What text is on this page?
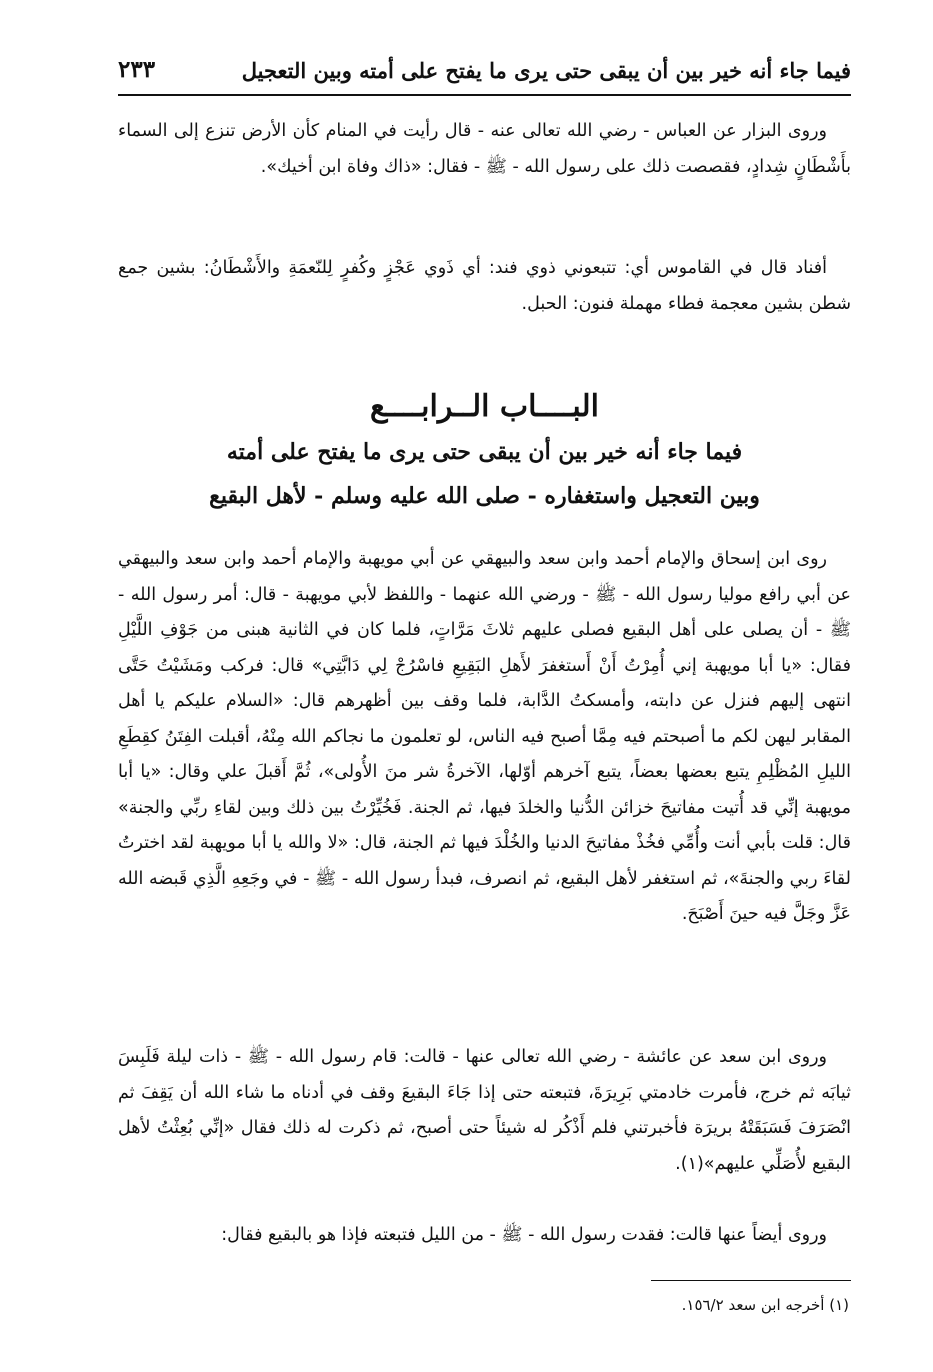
فيما جاء أنه خير بين أن يبقى حتى يرى ما يفتح على أمته وبين التعجيل
٢٣٣

وروى البزار عن العباس - رضي الله تعالى عنه - قال رأيت في المنام كأن الأرض تنزع إلى السماء بأَشْطَانٍ شِدادٍ، فقصصت ذلك على رسول الله - ﷺ - فقال: «ذاك وفاة ابن أخيك».

أفناد قال في القاموس أي: تتبعوني ذوي فند: أي ذَوي عَجْزٍ وكُفرٍ لِلنّعمَةِ والأَشْطَانُ: بشين جمع شطن بشين معجمة فطاء مهملة فنون: الحبل.

البــــاب الــرابــــع
فيما جاء أنه خير بين أن يبقى حتى يرى ما يفتح على أمته
وبين التعجيل واستغفاره - صلى الله عليه وسلم - لأهل البقيع

روى ابن إسحاق والإمام أحمد وابن سعد والبيهقي عن أبي مويهبة والإمام أحمد وابن سعد والبيهقي عن أبي رافع موليا رسول الله - ﷺ - ورضي الله عنهما - واللفظ لأبي مويهبة - قال: أمر رسول الله - ﷺ - أن يصلى على أهل البقيع فصلى عليهم ثلاثَ مَرَّاتٍ، فلما كان في الثانية هبنى من جَوْفِ اللَّيْلِ فقال: «يا أبا مويهبة إني أُمِرْتُ أَنْ أَستغفرَ لأَهلِ البَقِيعِ فاسْرُجْ لِي دَابَّتِي» قال: فركب ومَشَيْتُ حَتَّى انتهى إليهم فنزل عن دابته، وأمسكتُ الدَّابة، فلما وقف بين أظهرهم قال: «السلام عليكم يا أهل المقابر ليهن لكم ما أصبحتم فيه مِمَّا أصبح فيه الناس، لو تعلمون ما نجاكم الله مِنْهُ، أقبلت الفِتَنُ كقِطَعِ الليلِ المُظْلِمِ يتبع بعضها بعضاً، يتبع آخرهم أوّلها، الآخرةُ شر منَ الأُولى»، ثُمَّ أَقبلَ علي وقال: «يا أبا مويهبة إنِّي قد أُتيت مفاتيحَ خزائن الدُّنيا والخلدَ فيها، ثم الجنة. فَخُيِّرْتُ بين ذلك وبين لقاءِ ربِّي والجنة» قال: قلت بأبي أنت وأُمِّي فخُذْ مفاتيحَ الدنيا والخُلْدَ فيها ثم الجنة، قال: «لا والله يا أبا مويهبة لقد اخترتُ لقاءَ ربي والجنةَ»، ثم استغفر لأهل البقيع، ثم انصرف، فبدأ رسول الله - ﷺ - في وجَعِهِ الَّذِي قَبضه الله عَزَّ وجَلَّ فيه حينَ أَصْبَحَ.

وروى ابن سعد عن عائشة - رضي الله تعالى عنها - قالت: قام رسول الله - ﷺ - ذات ليلة فَلَبِسَ ثيابَه ثم خرج، فأمرت خادمتي بَرِيرَةَ، فتبعته حتى إذا جَاءَ البقيعَ وقف في أدناه ما شاء الله أن يَقِفَ ثم انْصَرَفَ فَسَبَقَتْهُ بريرَة فأخبرتني فلم أَذْكُر له شيئاً حتى أصبح، ثم ذكرت له ذلك فقال «إنِّي بُعِثْتُ لأهل البقيع لأُصَلِّي عليهم»(١).

وروى أيضاً عنها قالت: فقدت رسول الله - ﷺ - من الليل فتبعته فإذا هو بالبقيع فقال:

(١) أخرجه ابن سعد ١٥٦/٢.
